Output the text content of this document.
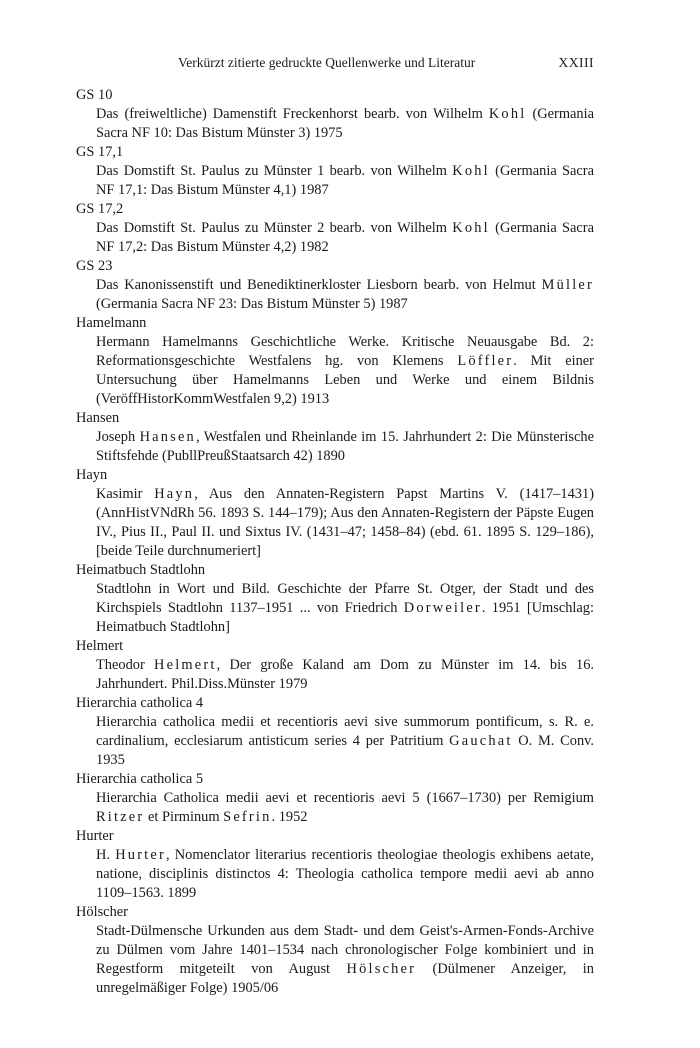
Verkürzt zitierte gedruckte Quellenwerke und Literatur	XXIII
GS 10
Das (freiweltliche) Damenstift Freckenhorst bearb. von Wilhelm Kohl (Germania Sacra NF 10: Das Bistum Münster 3) 1975
GS 17,1
Das Domstift St. Paulus zu Münster 1 bearb. von Wilhelm Kohl (Germania Sacra NF 17,1: Das Bistum Münster 4,1) 1987
GS 17,2
Das Domstift St. Paulus zu Münster 2 bearb. von Wilhelm Kohl (Germania Sacra NF 17,2: Das Bistum Münster 4,2) 1982
GS 23
Das Kanonissenstift und Benediktinerkloster Liesborn bearb. von Helmut Müller (Germania Sacra NF 23: Das Bistum Münster 5) 1987
Hamelmann
Hermann Hamelmanns Geschichtliche Werke. Kritische Neuausgabe Bd. 2: Reformationsgeschichte Westfalens hg. von Klemens Löffler. Mit einer Untersuchung über Hamelmanns Leben und Werke und einem Bildnis (VeröffHistorKommWestfalen 9,2) 1913
Hansen
Joseph Hansen, Westfalen und Rheinlande im 15. Jahrhundert 2: Die Münsterische Stiftsfehde (PubllPreußStaatsarch 42) 1890
Hayn
Kasimir Hayn, Aus den Annaten-Registern Papst Martins V. (1417–1431) (AnnHistVNdRh 56. 1893 S. 144–179); Aus den Annaten-Registern der Päpste Eugen IV., Pius II., Paul II. und Sixtus IV. (1431–47; 1458–84) (ebd. 61. 1895 S. 129–186), [beide Teile durchnumeriert]
Heimatbuch Stadtlohn
Stadtlohn in Wort und Bild. Geschichte der Pfarre St. Otger, der Stadt und des Kirchspiels Stadtlohn 1137–1951 ... von Friedrich Dorweiler. 1951 [Umschlag: Heimatbuch Stadtlohn]
Helmert
Theodor Helmert, Der große Kaland am Dom zu Münster im 14. bis 16. Jahrhundert. Phil.Diss.Münster 1979
Hierarchia catholica 4
Hierarchia catholica medii et recentioris aevi sive summorum pontificum, s. R. e. cardinalium, ecclesiarum antisticum series 4 per Patritium Gauchat O. M. Conv. 1935
Hierarchia catholica 5
Hierarchia Catholica medii aevi et recentioris aevi 5 (1667–1730) per Remigium Ritzer et Pirminum Sefrin. 1952
Hurter
H. Hurter, Nomenclator literarius recentioris theologiae theologis exhibens aetate, natione, disciplinis distinctos 4: Theologia catholica tempore medii aevi ab anno 1109–1563. 1899
Hölscher
Stadt-Dülmensche Urkunden aus dem Stadt- und dem Geist's-Armen-Fonds-Archive zu Dülmen vom Jahre 1401–1534 nach chronologischer Folge kombiniert und in Regestform mitgeteilt von August Hölscher (Dülmener Anzeiger, in unregelmäßiger Folge) 1905/06
